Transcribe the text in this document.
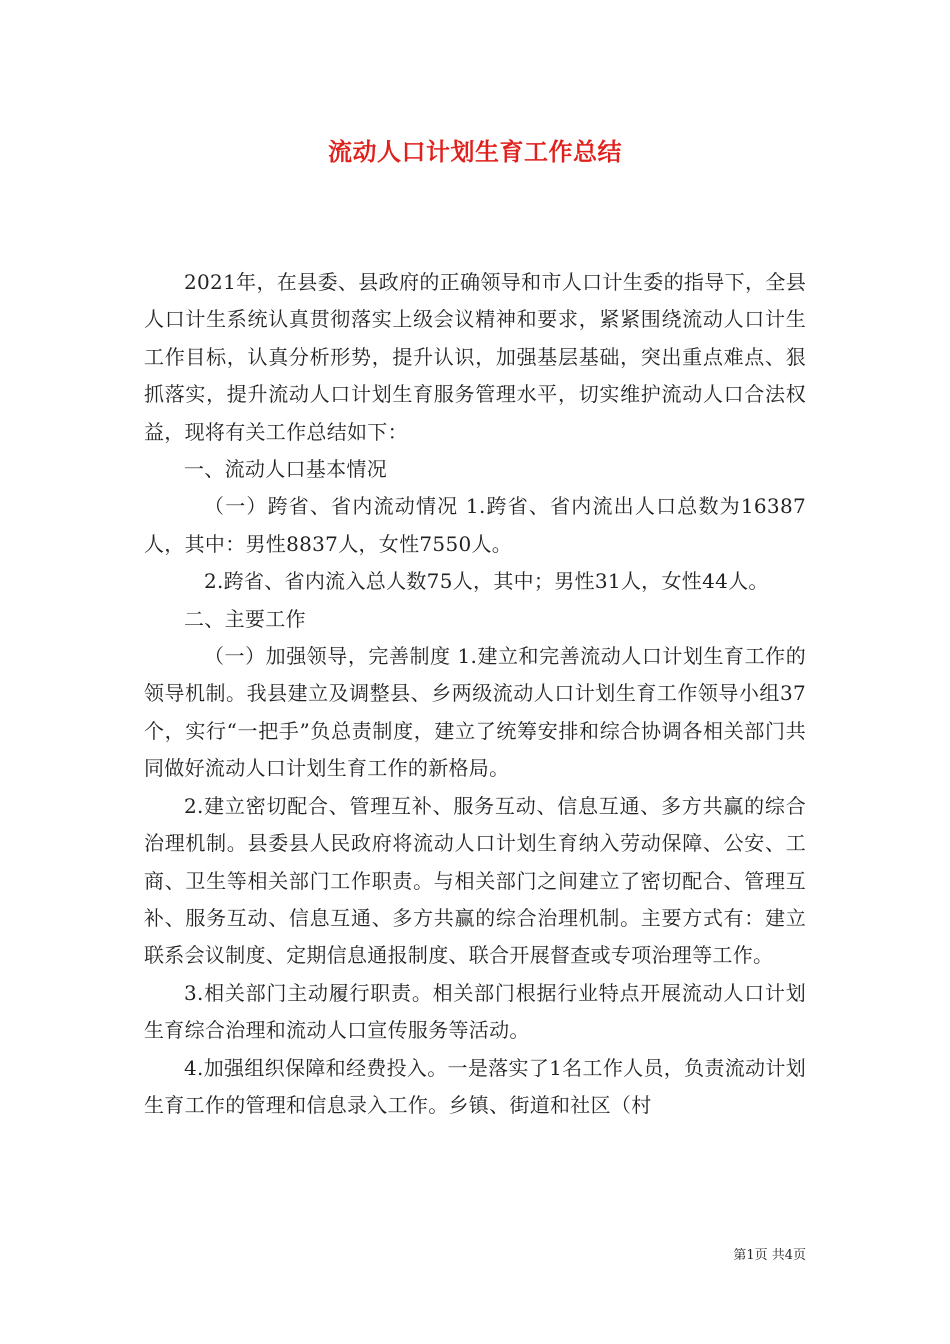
流动人口计划生育工作总结

2021年，在县委、县政府的正确领导和市人口计生委的指导下，全县人口计生系统认真贯彻落实上级会议精神和要求，紧紧围绕流动人口计生工作目标，认真分析形势，提升认识，加强基层基础，突出重点难点、狠抓落实，提升流动人口计划生育服务管理水平，切实维护流动人口合法权益，现将有关工作总结如下：

一、流动人口基本情况

（一）跨省、省内流动情况 1.跨省、省内流出人口总数为16387人，其中：男性8837人，女性7550人。

2.跨省、省内流入总人数75人，其中；男性31人，女性44人。

二、主要工作

（一）加强领导，完善制度 1.建立和完善流动人口计划生育工作的领导机制。我县建立及调整县、乡两级流动人口计划生育工作领导小组37个，实行“一把手”负总责制度，建立了统筹安排和综合协调各相关部门共同做好流动人口计划生育工作的新格局。

2.建立密切配合、管理互补、服务互动、信息互通、多方共赢的综合治理机制。县委县人民政府将流动人口计划生育纳入劳动保障、公安、工商、卫生等相关部门工作职责。与相关部门之间建立了密切配合、管理互补、服务互动、信息互通、多方共赢的综合治理机制。主要方式有：建立联系会议制度、定期信息通报制度、联合开展督查或专项治理等工作。

3.相关部门主动履行职责。相关部门根据行业特点开展流动人口计划生育综合治理和流动人口宣传服务等活动。

4.加强组织保障和经费投入。一是落实了1名工作人员，负责流动计划生育工作的管理和信息录入工作。乡镇、街道和社区（村

第1页 共4页
